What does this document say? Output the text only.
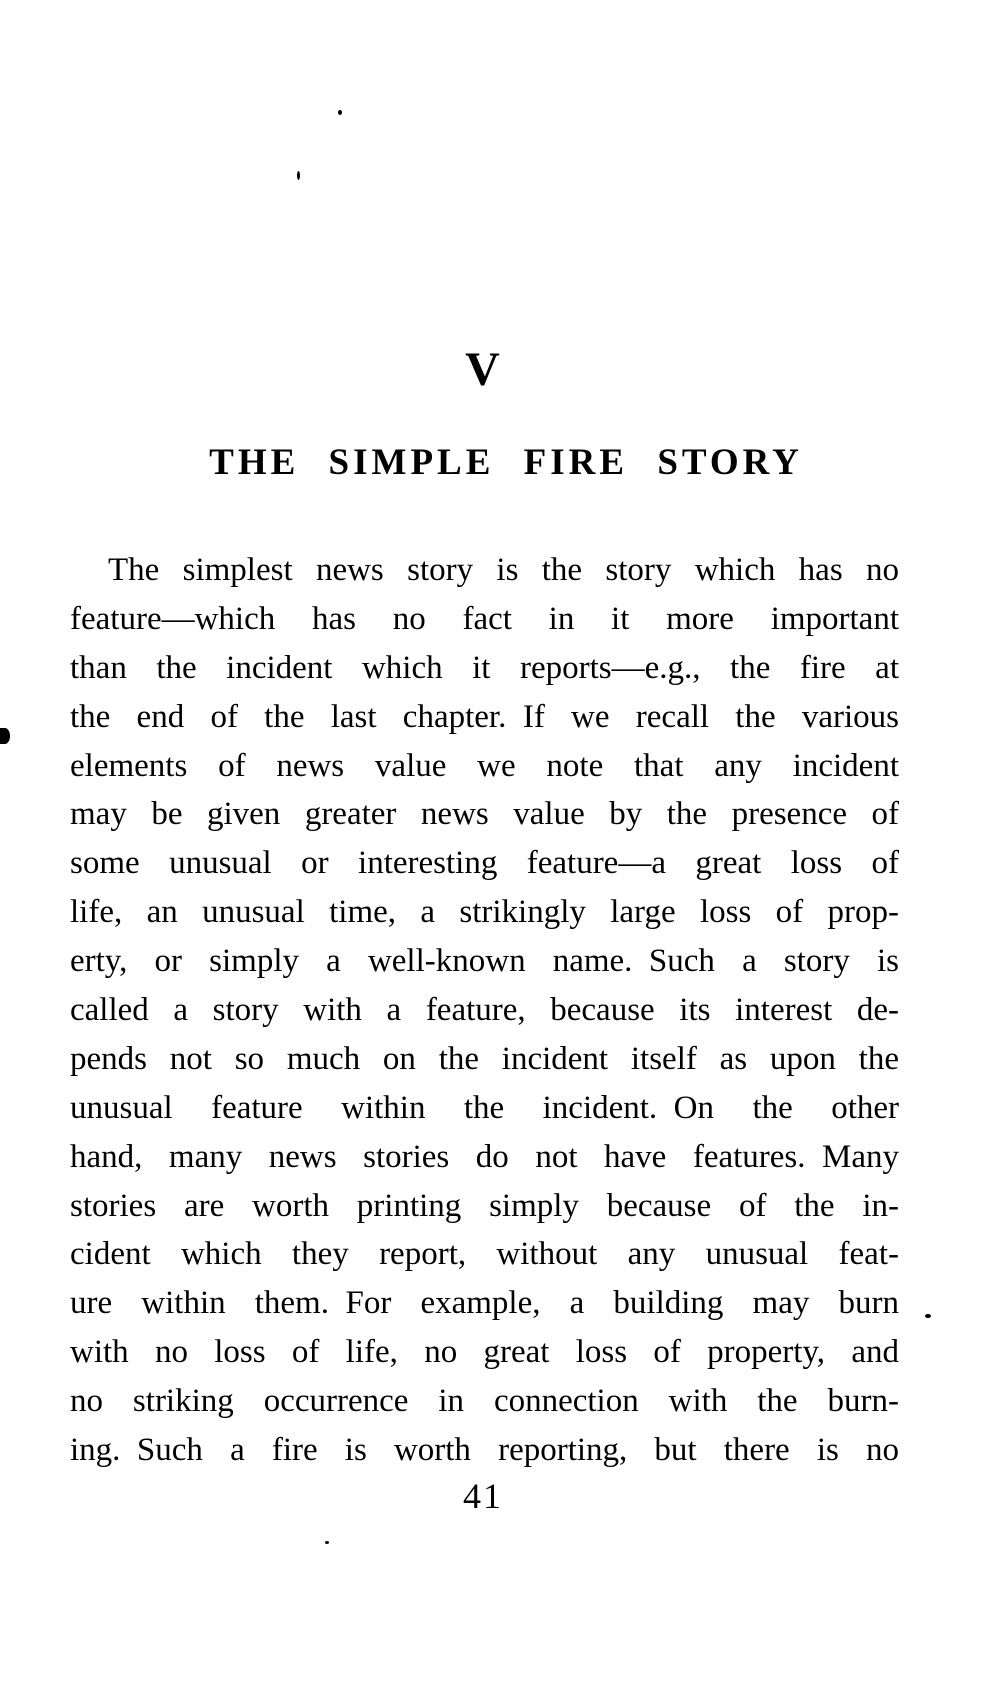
V
THE SIMPLE FIRE STORY
The simplest news story is the story which has no
feature—which has no fact in it more important
than the incident which it reports—e.g., the fire at
the end of the last chapter. If we recall the various
elements of news value we note that any incident
may be given greater news value by the presence of
some unusual or interesting feature—a great loss of
life, an unusual time, a strikingly large loss of prop-
erty, or simply a well-known name. Such a story is
called a story with a feature, because its interest de-
pends not so much on the incident itself as upon the
unusual feature within the incident. On the other
hand, many news stories do not have features. Many
stories are worth printing simply because of the in-
cident which they report, without any unusual feat-
ure within them. For example, a building may burn
with no loss of life, no great loss of property, and
no striking occurrence in connection with the burn-
ing. Such a fire is worth reporting, but there is no
41
